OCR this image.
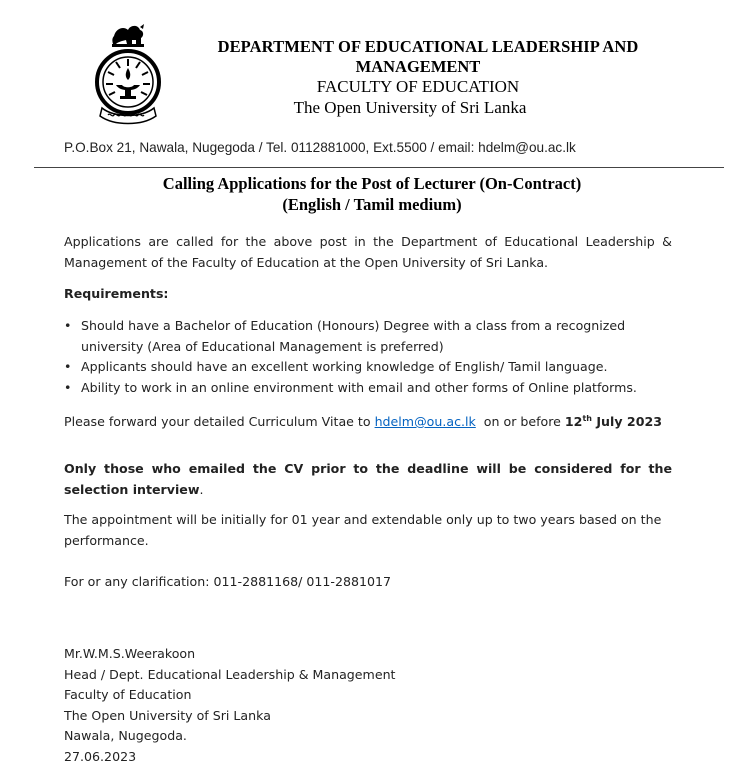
DEPARTMENT OF EDUCATIONAL LEADERSHIP AND
MANAGEMENT
FACULTY OF EDUCATION
The Open University of Sri Lanka
P.O.Box 21, Nawala, Nugegoda / Tel. 0112881000, Ext.5500 / email: hdelm@ou.ac.lk
Calling Applications for the Post of Lecturer (On-Contract)
(English / Tamil medium)
Applications are called for the above post in the Department of Educational Leadership & Management of the Faculty of Education at the Open University of Sri Lanka.
Requirements:
• Should have a Bachelor of Education (Honours) Degree with a class from a recognized university (Area of Educational Management is preferred)
• Applicants should have an excellent working knowledge of English/ Tamil language.
• Ability to work in an online environment with email and other forms of Online platforms.
Please forward your detailed Curriculum Vitae to hdelm@ou.ac.lk  on or before 12th July 2023
Only those who emailed the CV prior to the deadline will be considered for the selection interview.
The appointment will be initially for 01 year and extendable only up to two years based on the performance.
For or any clarification: 011-2881168/ 011-2881017
Mr.W.M.S.Weerakoon
Head / Dept. Educational Leadership & Management
Faculty of Education
The Open University of Sri Lanka
Nawala, Nugegoda.
27.06.2023
